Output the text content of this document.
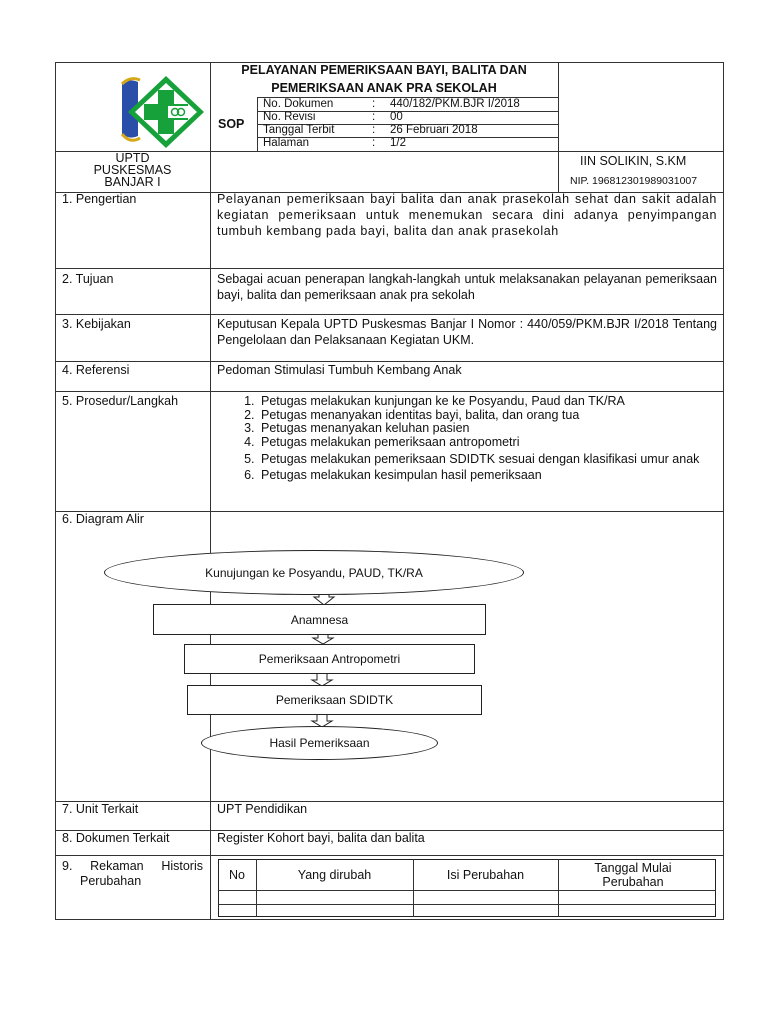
PELAYANAN PEMERIKSAAN BAYI, BALITA DAN
PEMERIKSAAN ANAK PRA SEKOLAH
SOP
No. Dokumen	: 440/182/PKM.BJR I/2018
No. Revisi	: 00
Tanggal Terbit	: 26 Februari 2018
Halaman	: 1/2
UPTD
PUSKESMAS
BANJAR I
IIN SOLIKIN, S.KM
NIP. 196812301989031007
1. Pengertian	Pelayanan pemeriksaan bayi balita dan anak prasekolah sehat dan sakit adalah kegiatan pemeriksaan untuk menemukan secara dini adanya penyimpangan tumbuh kembang pada bayi, balita dan anak prasekolah
2. Tujuan	Sebagai acuan penerapan langkah-langkah untuk melaksanakan pelayanan pemeriksaan bayi, balita dan pemeriksaan anak pra sekolah
3. Kebijakan	Keputusan Kepala UPTD Puskesmas Banjar I Nomor : 440/059/PKM.BJR I/2018 Tentang Pengelolaan dan Pelaksanaan Kegiatan UKM.
4. Referensi	Pedoman Stimulasi Tumbuh Kembang Anak
5. Prosedur/Langkah
1.	Petugas melakukan kunjungan ke ke Posyandu, Paud dan TK/RA
2. Petugas menanyakan identitas bayi, balita, dan orang tua
3. Petugas menanyakan keluhan pasien
4. Petugas melakukan pemeriksaan antropometri
5. Petugas melakukan pemeriksaan SDIDTK sesuai dengan klasifikasi umur anak
6. Petugas melakukan kesimpulan hasil pemeriksaan
6. Diagram Alir
Kunujungan ke Posyandu, PAUD, TK/RA
Anamnesa
Pemeriksaan Antropometri
Pemeriksaan SDIDTK
Hasil Pemeriksaan
7. Unit Terkait	UPT Pendidikan
8. Dokumen Terkait	Register Kohort bayi, balita dan balita
9. Rekaman Historis
Perubahan	No	Yang dirubah	Isi Perubahan	Tanggal Mulai Perubahan
